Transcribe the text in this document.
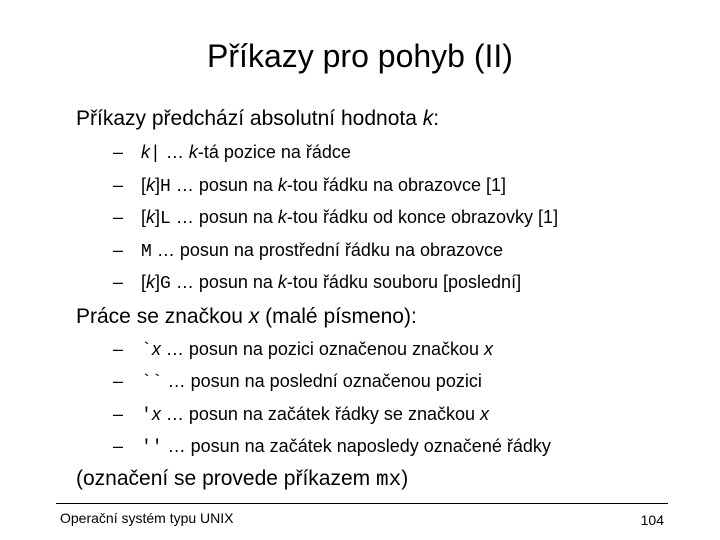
Příkazy pro pohyb (II)
Příkazy předchází absolutní hodnota k:
– k| … k-tá pozice na řádce
– [k]H … posun na k-tou řádku na obrazovce [1]
– [k]L … posun na k-tou řádku od konce obrazovky [1]
– M … posun na prostřední řádku na obrazovce
– [k]G … posun na k-tou řádku souboru [poslední]
Práce se značkou x (malé písmeno):
– `x … posun na pozici označenou značkou x
– `` … posun na poslední označenou pozici
– 'x … posun na začátek řádky se značkou x
– '' … posun na začátek naposledy označené řádky
(označení se provede příkazem mx)
Operační systém typu UNIX	104
